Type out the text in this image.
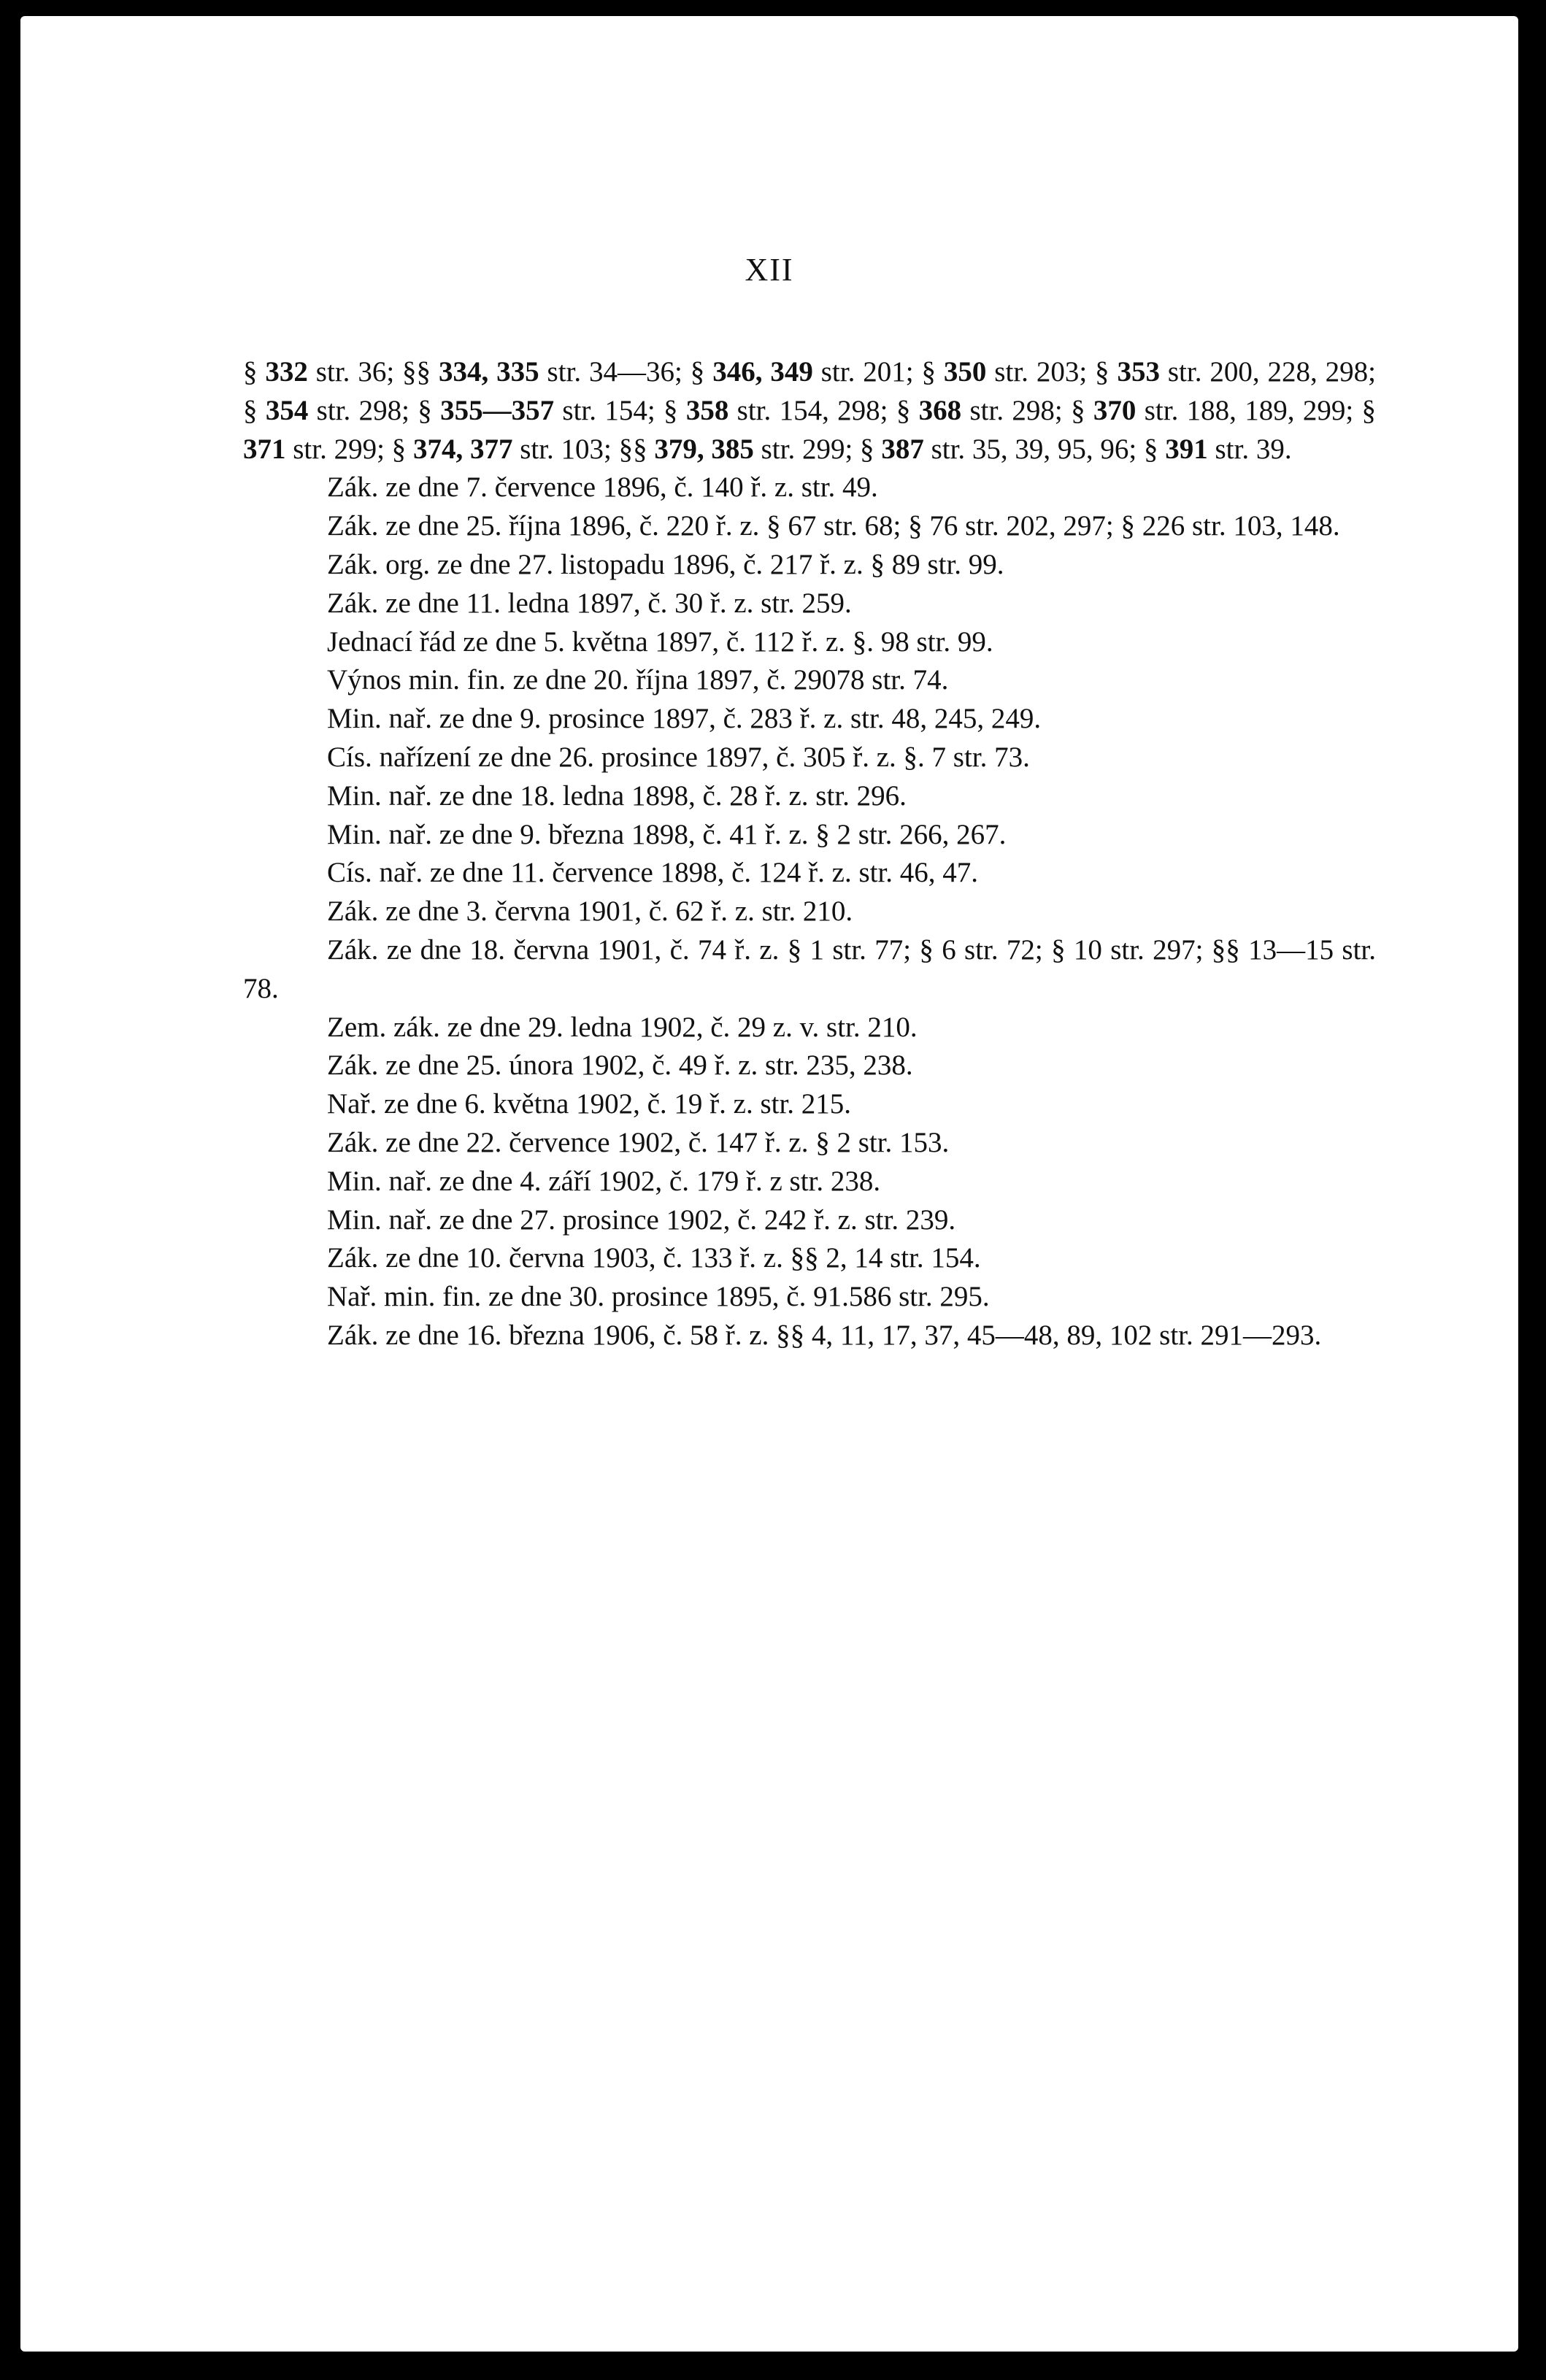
XII

§ 332 str. 36; §§ 334, 335 str. 34—36; § 346, 349 str. 201; § 350 str. 203; § 353 str. 200, 228, 298; § 354 str. 298; § 355—357 str. 154; § 358 str. 154, 298; § 368 str. 298; § 370 str. 188, 189, 299; § 371 str. 299; § 374, 377 str. 103; §§ 379, 385 str. 299; § 387 str. 35, 39, 95, 96; § 391 str. 39.

Zák. ze dne 7. července 1896, č. 140 ř. z. str. 49.

Zák. ze dne 25. října 1896, č. 220 ř. z. § 67 str. 68; § 76 str. 202, 297; § 226 str. 103, 148.

Zák. org. ze dne 27. listopadu 1896, č. 217 ř. z. § 89 str. 99.

Zák. ze dne 11. ledna 1897, č. 30 ř. z. str. 259.

Jednací řád ze dne 5. května 1897, č. 112 ř. z. §. 98 str. 99.

Výnos min. fin. ze dne 20. října 1897, č. 29078 str. 74.

Min. nař. ze dne 9. prosince 1897, č. 283 ř. z. str. 48, 245, 249.

Cís. nařízení ze dne 26. prosince 1897, č. 305 ř. z. §. 7 str. 73.

Min. nař. ze dne 18. ledna 1898, č. 28 ř. z. str. 296.

Min. nař. ze dne 9. března 1898, č. 41 ř. z. § 2 str. 266, 267.

Cís. nař. ze dne 11. července 1898, č. 124 ř. z. str. 46, 47.

Zák. ze dne 3. června 1901, č. 62 ř. z. str. 210.

Zák. ze dne 18. června 1901, č. 74 ř. z. § 1 str. 77; § 6 str. 72; § 10 str. 297; §§ 13—15 str. 78.

Zem. zák. ze dne 29. ledna 1902, č. 29 z. v. str. 210.

Zák. ze dne 25. února 1902, č. 49 ř. z. str. 235, 238.

Nař. ze dne 6. května 1902, č. 19 ř. z. str. 215.

Zák. ze dne 22. července 1902, č. 147 ř. z. § 2 str. 153.

Min. nař. ze dne 4. září 1902, č. 179 ř. z str. 238.

Min. nař. ze dne 27. prosince 1902, č. 242 ř. z. str. 239.

Zák. ze dne 10. června 1903, č. 133 ř. z. §§ 2, 14 str. 154.

Nař. min. fin. ze dne 30. prosince 1895, č. 91.586 str. 295.

Zák. ze dne 16. března 1906, č. 58 ř. z. §§ 4, 11, 17, 37, 45—48, 89, 102 str. 291—293.
